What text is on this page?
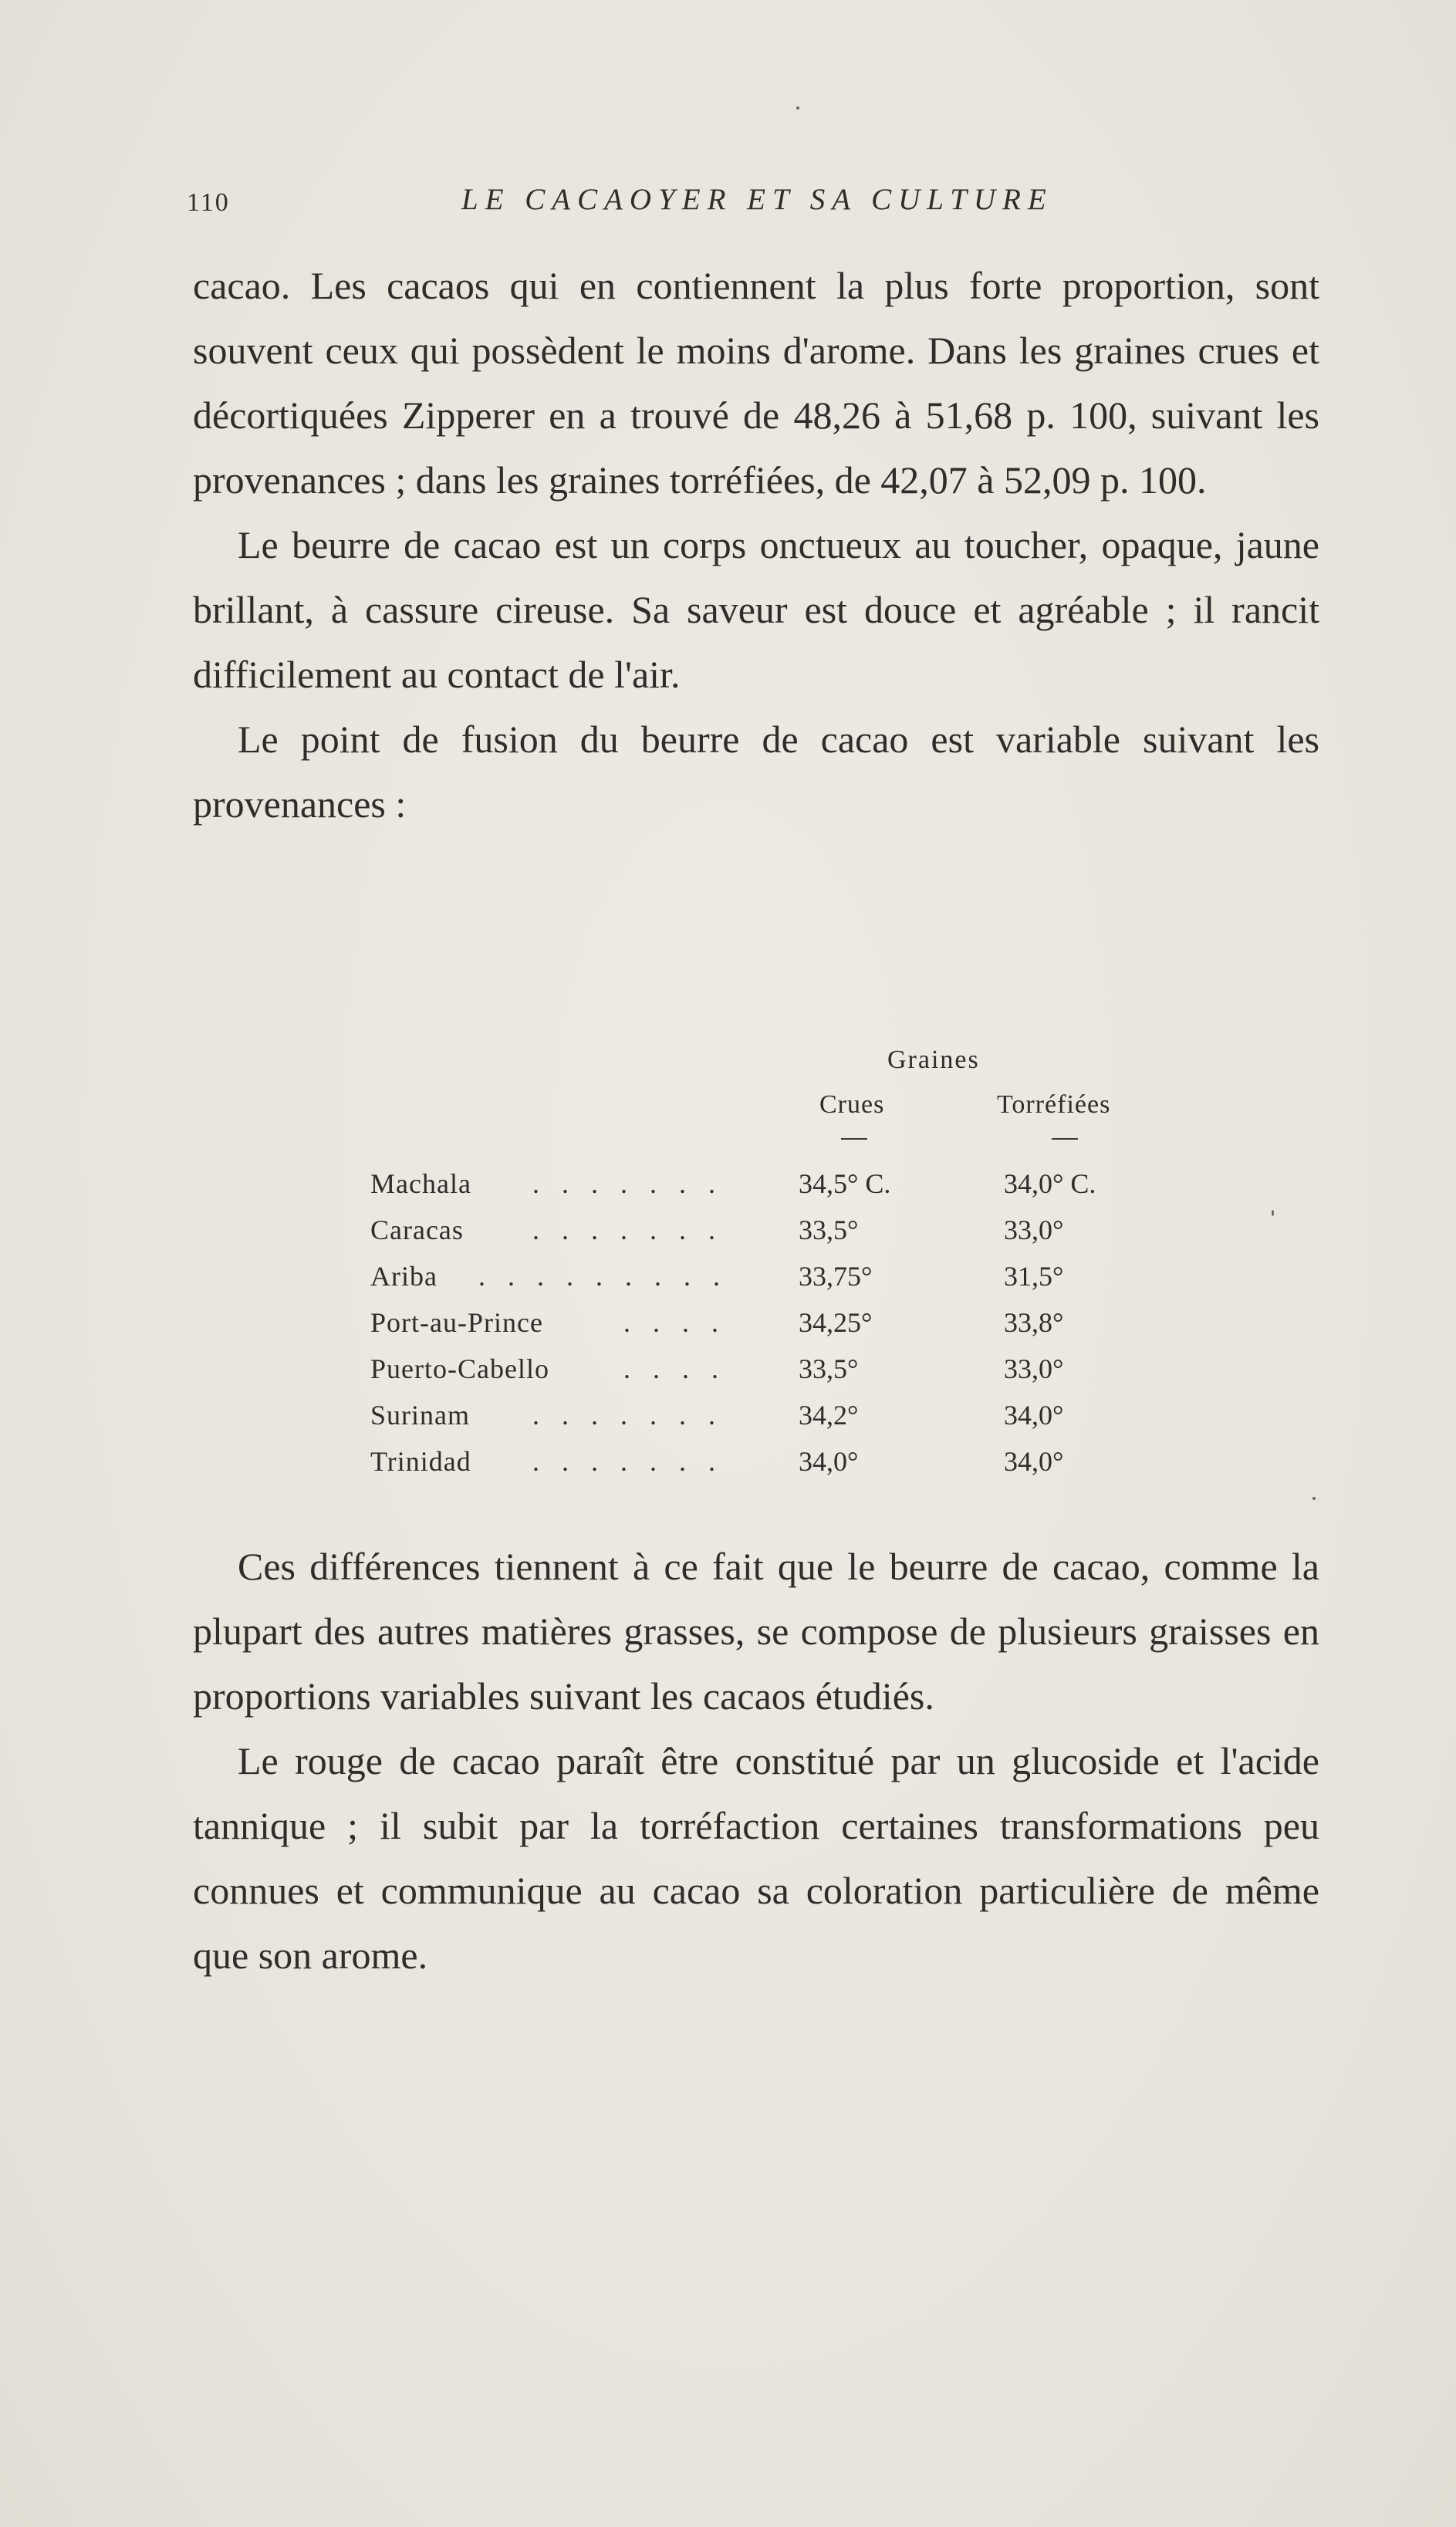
110	LE CACAOYER ET SA CULTURE

cacao. Les cacaos qui en contiennent la plus forte proportion, sont souvent ceux qui possèdent le moins d'arome. Dans les graines crues et décortiquées Zipperer en a trouvé de 48,26 à 51,68 p. 100, suivant les provenances ; dans les graines torréfiées, de 42,07 à 52,09 p. 100.

Le beurre de cacao est un corps onctueux au toucher, opaque, jaune brillant, à cassure cireuse. Sa saveur est douce et agréable ; il rancit difficilement au contact de l'air.

Le point de fusion du beurre de cacao est variable suivant les provenances :

Graines
Crues	Torréfiées
Machala . . . . . . .	34,5° C.	34,0° C.
Caracas . . . . . . .	33,5°	33,0°
Ariba . . . . . . . . .	33,75°	31,5°
Port-au-Prince	. . . .	34,25°	33,8°
Puerto-Cabello	. . . .	33,5°	33,0°
Surinam . . . . . . .	34,2°	34,0°
Trinidad . . . . . . .	34,0°	34,0°

Ces différences tiennent à ce fait que le beurre de cacao, comme la plupart des autres matières grasses, se compose de plusieurs graisses en proportions variables suivant les cacaos étudiés.

Le rouge de cacao paraît être constitué par un glucoside et l'acide tannique ; il subit par la torréfaction certaines transformations peu connues et communique au cacao sa coloration particulière de même que son arome.
